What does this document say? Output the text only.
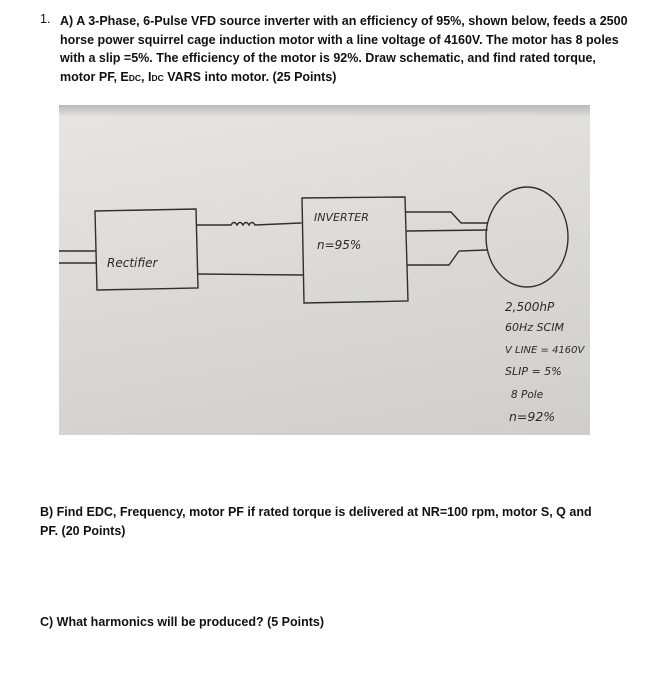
1. A) A 3-Phase, 6-Pulse VFD source inverter with an efficiency of 95%, shown below, feeds a 2500
horse power squirrel cage induction motor with a line voltage of 4160V. The motor has 8 poles
with a slip =5%. The efficiency of the motor is 92%. Draw schematic, and find rated torque,
motor PF, EDC, IDC VARS into motor. (25 Points)
Rectifier
INVERTER
n=95%
2,500hP
60Hz SCIM
V LINE = 4160V
SLIP = 5%
8 Pole
n=92%
B) Find EDC, Frequency, motor PF if rated torque is delivered at NR=100 rpm, motor S, Q and PF. (20 Points)
C) What harmonics will be produced? (5 Points)
